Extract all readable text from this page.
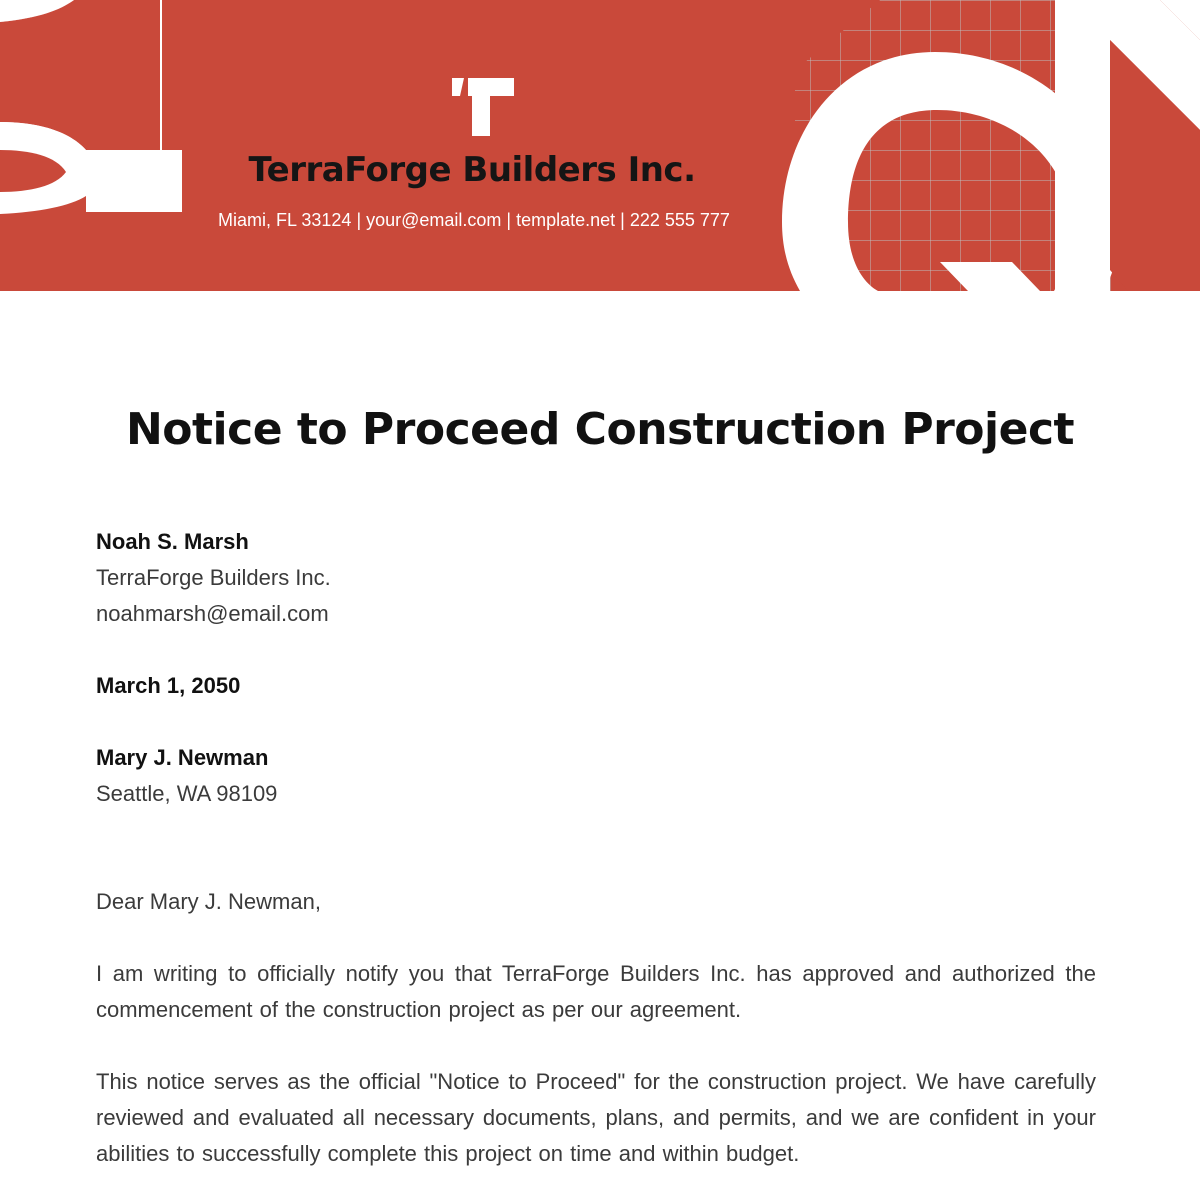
TerraForge Builders Inc.
Miami, FL 33124 | your@email.com | template.net | 222 555 777
Notice to Proceed Construction Project
Noah S. Marsh
TerraForge Builders Inc.
noahmarsh@email.com
March 1, 2050
Mary J. Newman
Seattle, WA 98109
Dear Mary J. Newman,
I am writing to officially notify you that TerraForge Builders Inc. has approved and authorized the commencement of the construction project as per our agreement.
This notice serves as the official "Notice to Proceed" for the construction project. We have carefully reviewed and evaluated all necessary documents, plans, and permits, and we are confident in your abilities to successfully complete this project on time and within budget.
